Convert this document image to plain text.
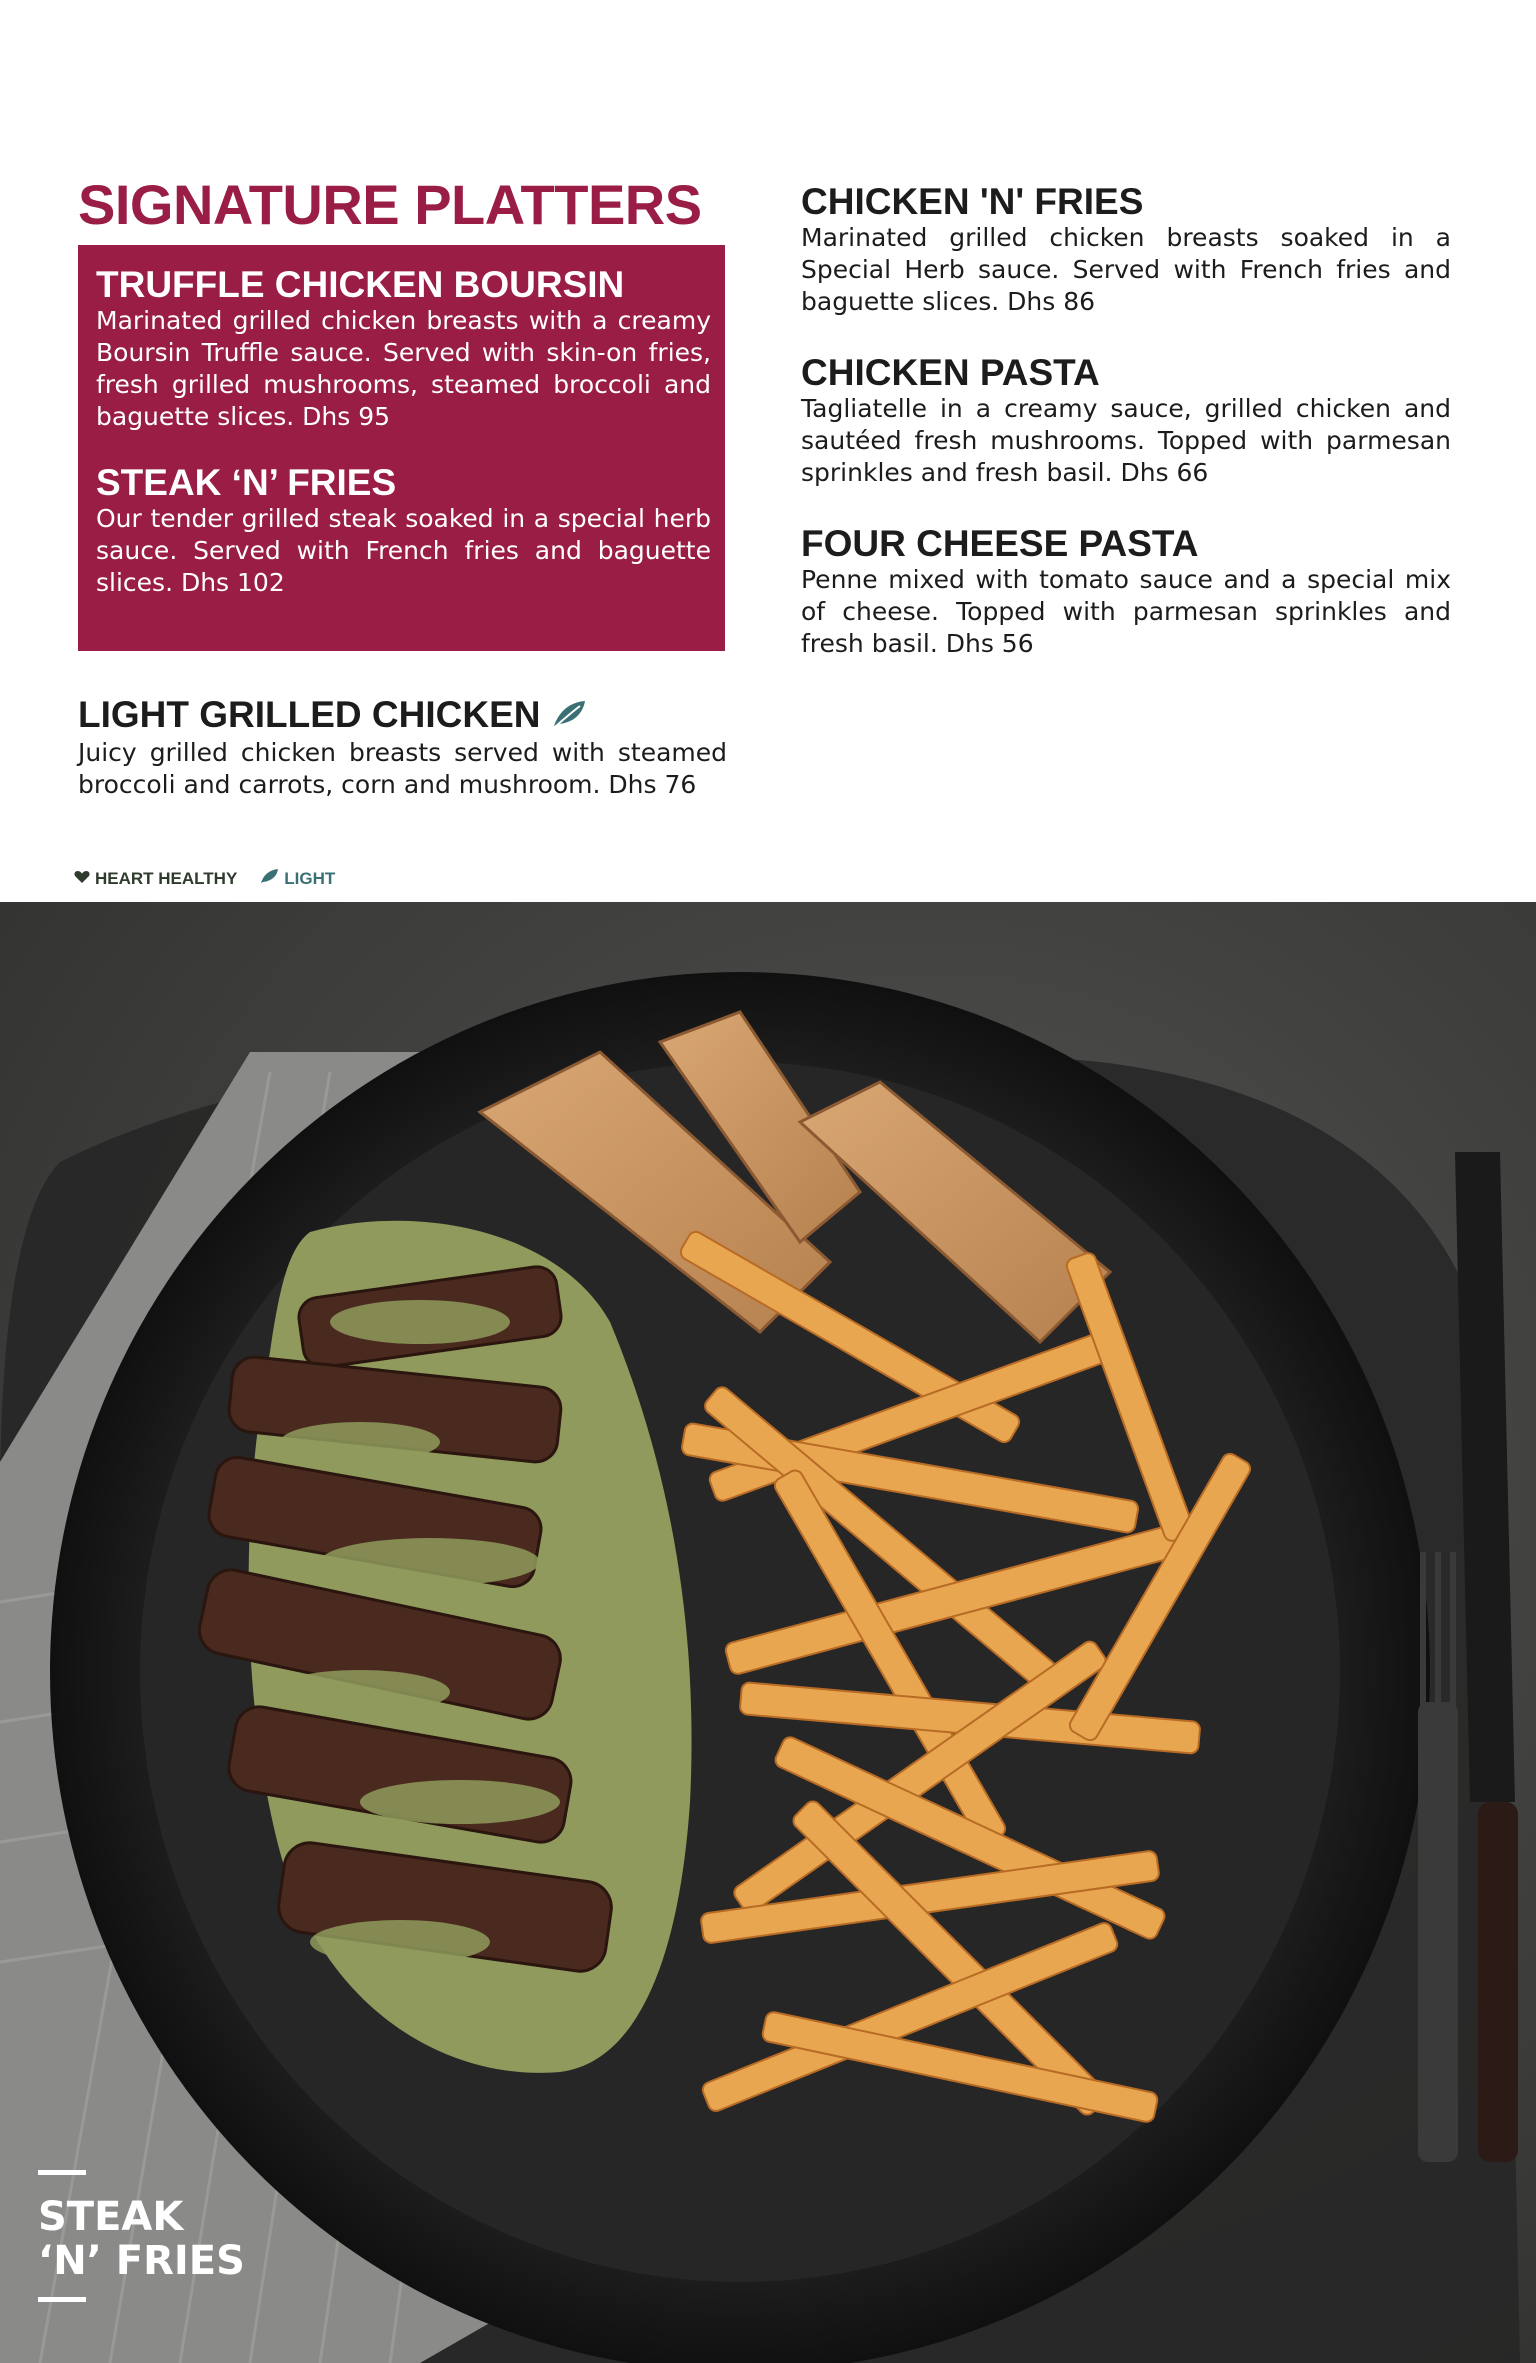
SIGNATURE PLATTERS
TRUFFLE CHICKEN BOURSIN
Marinated grilled chicken breasts with a creamy Boursin Truffle sauce. Served with skin-on fries, fresh grilled mushrooms, steamed broccoli and baguette slices. Dhs 95
STEAK ‘N’ FRIES
Our tender grilled steak soaked in a special herb sauce. Served with French fries and baguette slices. Dhs 102
LIGHT GRILLED CHICKEN
Juicy grilled chicken breasts served with steamed broccoli and carrots, corn and mushroom. Dhs 76
CHICKEN 'N' FRIES
Marinated grilled chicken breasts soaked in a Special Herb sauce. Served with French fries and baguette slices. Dhs 86
CHICKEN PASTA
Tagliatelle in a creamy sauce, grilled chicken and sautéed fresh mushrooms. Topped with parmesan sprinkles and fresh basil. Dhs 66
FOUR CHEESE PASTA
Penne mixed with tomato sauce and a special mix of cheese. Topped with parmesan sprinkles and fresh basil. Dhs 56
HEART HEALTHY	LIGHT
STEAK
‘N’ FRIES
